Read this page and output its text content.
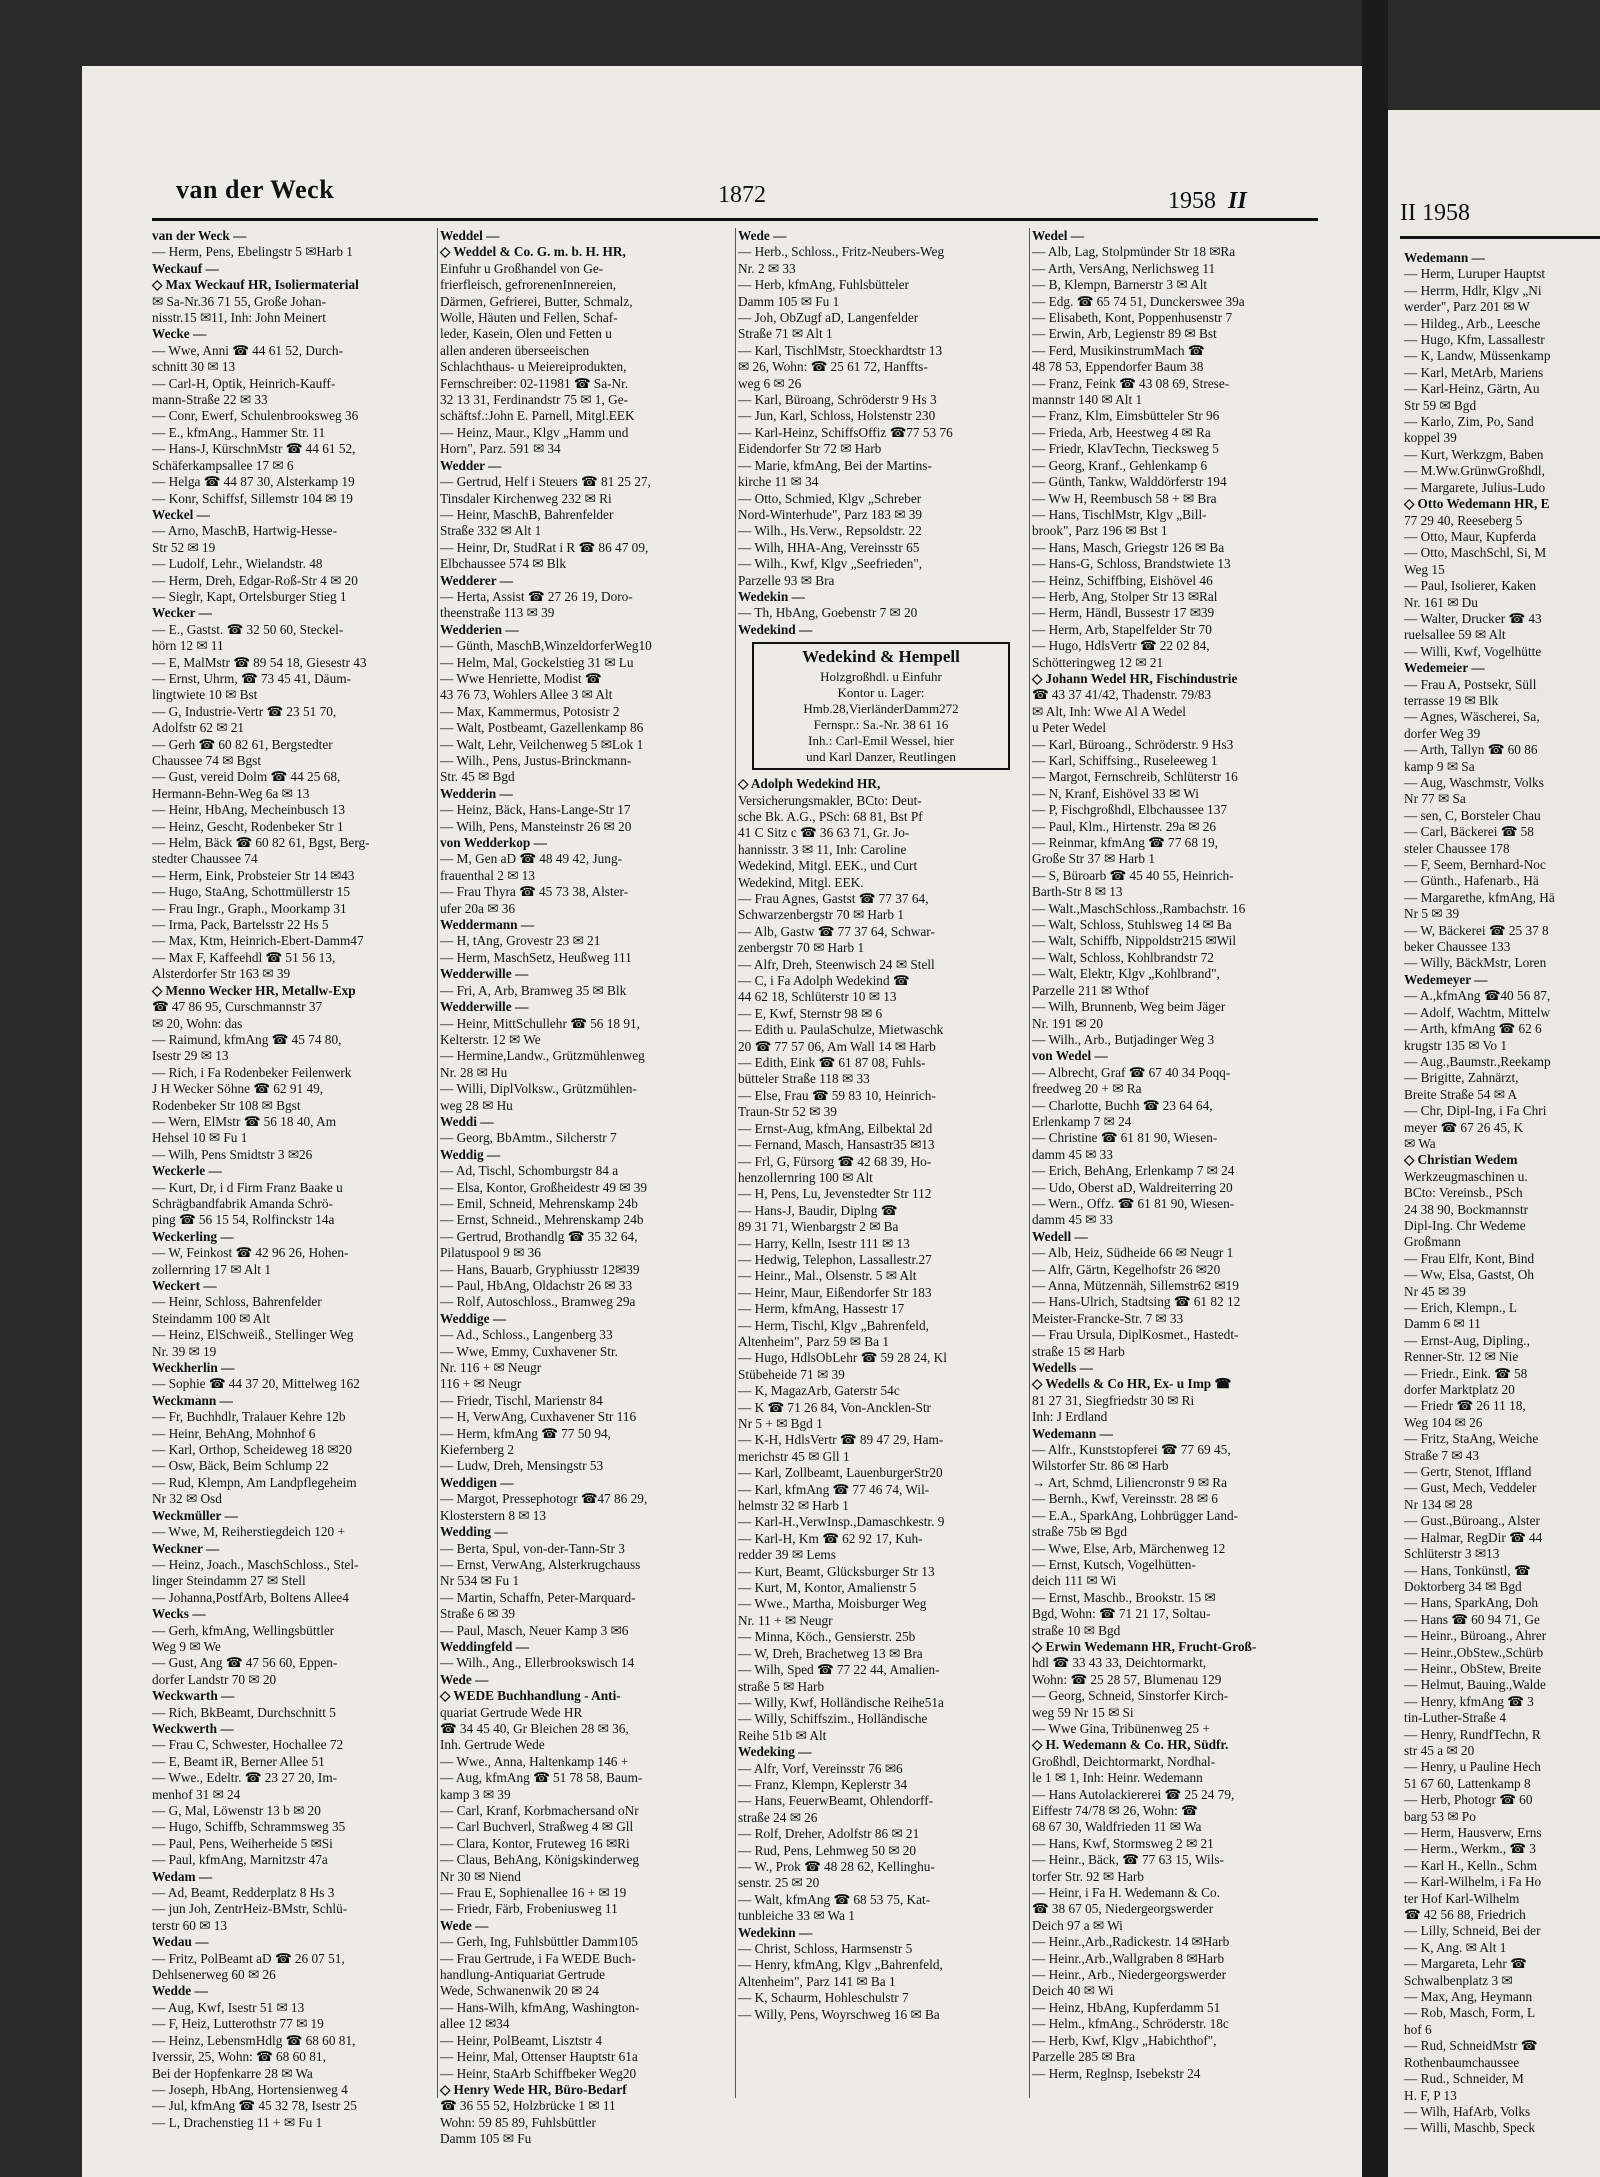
van der Weck	1872	1958 II	II 1958
van der Weck —
— Herm, Pens, Ebelingstr 5 ✉Harb 1
Weckauf —
◇ Max Weckauf HR, Isoliermaterial
✉ Sa-Nr.36 71 55, Große Johan-
nisstr.15 ✉11, Inh: John Meinert
Wecke —
— Wwe, Anni ☎ 44 61 52, Durch-
schnitt 30 ✉ 13
— Carl-H, Optik, Heinrich-Kauff-
mann-Straße 22 ✉ 33
— Conr, Ewerf, Schulenbrooksweg 36
— E., kfmAng., Hammer Str. 11
— Hans-J, KürschnMstr ☎ 44 61 52,
Schäferkampsallee 17 ✉ 6
— Helga ☎ 44 87 30, Alsterkamp 19
— Konr, Schiffsf, Sillemstr 104 ✉ 19
Weckel —
— Arno, MaschB, Hartwig-Hesse-
Str 52 ✉ 19
— Ludolf, Lehr., Wielandstr. 48
— Herm, Dreh, Edgar-Roß-Str 4 ✉ 20
— Sieglr, Kapt, Ortelsburger Stieg 1
Wecker —
— E., Gastst. ☎ 32 50 60, Steckel-
hörn 12 ✉ 11
— E, MalMstr ☎ 89 54 18, Giesestr 43
— Ernst, Uhrm, ☎ 73 45 41, Däum-
lingtwiete 10 ✉ Bst
— G, Industrie-Vertr ☎ 23 51 70,
Adolfstr 62 ✉ 21
— Gerh ☎ 60 82 61, Bergstedter
Chaussee 74 ✉ Bgst
— Gust, vereid Dolm ☎ 44 25 68,
Hermann-Behn-Weg 6a ✉ 13
— Heinr, HbAng, Mecheinbusch 13
— Heinz, Gescht, Rodenbeker Str 1
— Helm, Bäck ☎ 60 82 61, Bgst, Berg-
stedter Chaussee 74
— Herm, Eink, Probsteier Str 14 ✉43
— Hugo, StaAng, Schottmüllerstr 15
— Frau Ingr., Graph., Moorkamp 31
— Irma, Pack, Bartelsstr 22 Hs 5
— Max, Ktm, Heinrich-Ebert-Damm47
— Max F, Kaffeehdl ☎ 51 56 13,
Alsterdorfer Str 163 ✉ 39
◇ Menno Wecker HR, Metallw-Exp
☎ 47 86 95, Curschmannstr 37
✉ 20, Wohn: das
— Raimund, kfmAng ☎ 45 74 80,
Isestr 29 ✉ 13
— Rich, i Fa Rodenbeker Feilenwerk
J H Wecker Söhne ☎ 62 91 49,
Rodenbeker Str 108 ✉ Bgst
— Wern, ElMstr ☎ 56 18 40, Am
Hehsel 10 ✉ Fu 1
— Wilh, Pens Smidtstr 3 ✉26
Weckerle —
— Kurt, Dr, i d Firm Franz Baake u
Schrägbandfabrik Amanda Schrö-
ping ☎ 56 15 54, Rolfinckstr 14a
Weckerling —
— W, Feinkost ☎ 42 96 26, Hohen-
zollernring 17 ✉ Alt 1
Weckert —
— Heinr, Schloss, Bahrenfelder
Steindamm 100 ✉ Alt
— Heinz, ElSchweiß., Stellinger Weg
Nr. 39 ✉ 19
Weckherlin —
— Sophie ☎ 44 37 20, Mittelweg 162
Weckmann —
— Fr, Buchhdlr, Tralauer Kehre 12b
— Heinr, BehAng, Mohnhof 6
— Karl, Orthop, Scheideweg 18 ✉20
— Osw, Bäck, Beim Schlump 22
— Rud, Klempn, Am Landpflegeheim
Nr 32 ✉ Osd
Weckmüller —
— Wwe, M, Reiherstiegdeich 120 +
Weckner —
— Heinz, Joach., MaschSchloss., Stel-
linger Steindamm 27 ✉ Stell
— Johanna,PostfArb, Boltens Allee4
Wecks —
— Gerh, kfmAng, Wellingsbüttler
Weg 9 ✉ We
— Gust, Ang ☎ 47 56 60, Eppen-
dorfer Landstr 70 ✉ 20
Weckwarth —
— Rich, BkBeamt, Durchschnitt 5
Weckwerth —
— Frau C, Schwester, Hochallee 72
— E, Beamt iR, Berner Allee 51
— Wwe., Edeltr. ☎ 23 27 20, Im-
menhof 31 ✉ 24
— G, Mal, Löwenstr 13 b ✉ 20
— Hugo, Schiffb, Schrammsweg 35
— Paul, Pens, Weiherheide 5 ✉Si
— Paul, kfmAng, Marnitzstr 47a
Wedam —
— Ad, Beamt, Redderplatz 8 Hs 3
— jun Joh, ZentrHeiz-BMstr, Schlü-
terstr 60 ✉ 13
Wedau —
— Fritz, PolBeamt aD ☎ 26 07 51,
Dehlsenerweg 60 ✉ 26
Wedde —
— Aug, Kwf, Isestr 51 ✉ 13
— F, Heiz, Lutterothstr 77 ✉ 19
— Heinz, LebensmHdlg ☎ 68 60 81,
Iverssir, 25, Wohn: ☎ 68 60 81,
Bei der Hopfenkarre 28 ✉ Wa
— Joseph, HbAng, Hortensienweg 4
— Jul, kfmAng ☎ 45 32 78, Isestr 25
— L, Drachenstieg 11 + ✉ Fu 1
Weddel —
◇ Weddel & Co. G. m. b. H. HR,
Einfuhr u Großhandel von Ge-
frierfleisch, gefrorenenInnereien,
Därmen, Gefrierei, Butter, Schmalz,
Wolle, Häuten und Fellen, Schaf-
leder, Kasein, Olen und Fetten u
allen anderen überseeischen
Schlachthaus- u Meiereiprodukten,
Fernschreiber: 02-11981 ☎ Sa-Nr.
32 13 31, Ferdinandstr 75 ✉ 1, Ge-
schäftsf.:John E. Parnell, Mitgl.EEK
— Heinz, Maur., Klgv „Hamm und
Horn", Parz. 591 ✉ 34
Wedder —
— Gertrud, Helf i Steuers ☎ 81 25 27,
Tinsdaler Kirchenweg 232 ✉ Ri
— Heinr, MaschB, Bahrenfelder
Straße 332 ✉ Alt 1
— Heinr, Dr, StudRat i R ☎ 86 47 09,
Elbchaussee 574 ✉ Blk
Wedderer —
— Herta, Assist ☎ 27 26 19, Doro-
theenstraße 113 ✉ 39
Wedderien —
— Günth, MaschB,WinzeldorferWeg10
— Helm, Mal, Gockelstieg 31 ✉ Lu
— Wwe Henriette, Modist ☎
43 76 73, Wohlers Allee 3 ✉ Alt
— Max, Kammermus, Potosistr 2
— Walt, Postbeamt, Gazellenkamp 86
— Walt, Lehr, Veilchenweg 5 ✉Lok 1
— Wilh., Pens, Justus-Brinckmann-
Str. 45 ✉ Bgd
Wedderin —
— Heinz, Bäck, Hans-Lange-Str 17
— Wilh, Pens, Mansteinstr 26 ✉ 20
von Wedderkop —
— M, Gen aD ☎ 48 49 42, Jung-
frauenthal 2 ✉ 13
— Frau Thyra ☎ 45 73 38, Alster-
ufer 20a ✉ 36
Weddermann —
— H, tAng, Grovestr 23 ✉ 21
— Herm, MaschSetz, Heußweg 111
Wedderwille —
— Fri, A, Arb, Bramweg 35 ✉ Blk
Wedderwille —
— Heinr, MittSchullehr ☎ 56 18 91,
Kelterstr. 12 ✉ We
— Hermine,Landw., Grützmühlenweg
Nr. 28 ✉ Hu
— Willi, DiplVolksw., Grützmühlen-
weg 28 ✉ Hu
Weddi —
— Georg, BbAmtm., Silcherstr 7
Weddig —
— Ad, Tischl, Schomburgstr 84 a
— Elsa, Kontor, Großheidestr 49 ✉ 39
— Emil, Schneid, Mehrenskamp 24b
— Ernst, Schneid., Mehrenskamp 24b
— Gertrud, Brothandlg ☎ 35 32 64,
Pilatuspool 9 ✉ 36
— Hans, Bauarb, Gryphiusstr 12✉39
— Paul, HbAng, Oldachstr 26 ✉ 33
— Rolf, Autoschloss., Bramweg 29a
Weddige —
— Ad., Schloss., Langenberg 33
— Wwe, Emmy, Cuxhavener Str.
Nr. 116 + ✉ Neugr
116 + ✉ Neugr
— Friedr, Tischl, Marienstr 84
— H, VerwAng, Cuxhavener Str 116
— Herm, kfmAng ☎ 77 50 94,
Kiefernberg 2
— Ludw, Dreh, Mensingstr 53
Weddigen —
— Margot, Pressephotogr ☎47 86 29,
Klosterstern 8 ✉ 13
Wedding —
— Berta, Spul, von-der-Tann-Str 3
— Ernst, VerwAng, Alsterkrugchauss
Nr 534 ✉ Fu 1
— Martin, Schaffn, Peter-Marquard-
Straße 6 ✉ 39
— Paul, Masch, Neuer Kamp 3 ✉6
Weddingfeld —
— Wilh., Ang., Ellerbrookswisch 14
Wede —
◇ WEDE Buchhandlung - Anti-
quariat Gertrude Wede HR
☎ 34 45 40, Gr Bleichen 28 ✉ 36,
Inh. Gertrude Wede
— Wwe., Anna, Haltenkamp 146 +
— Aug, kfmAng ☎ 51 78 58, Baum-
kamp 3 ✉ 39
— Carl, Kranf, Korbmachersand oNr
— Carl Buchverl, Straßweg 4 ✉ Gll
— Clara, Kontor, Fruteweg 16 ✉Ri
— Claus, BehAng, Königskinderweg
Nr 30 ✉ Niend
— Frau E, Sophienallee 16 + ✉ 19
— Friedr, Färb, Frobeniusweg 11
Wede —
— Gerh, Ing, Fuhlsbüttler Damm105
— Frau Gertrude, i Fa WEDE Buch-
handlung-Antiquariat Gertrude
Wede, Schwanenwik 20 ✉ 24
— Hans-Wilh, kfmAng, Washington-
allee 12 ✉34
— Heinr, PolBeamt, Lisztstr 4
— Heinr, Mal, Ottenser Hauptstr 61a
— Heinr, StaArb Schiffbeker Weg20
◇ Henry Wede HR, Büro-Bedarf
☎ 36 55 52, Holzbrücke 1 ✉ 11
Wohn: 59 85 89, Fuhlsbüttler
Damm 105 ✉ Fu
Wede —
— Herb., Schloss., Fritz-Neubers-Weg
Nr. 2 ✉ 33
— Herb, kfmAng, Fuhlsbütteler
Damm 105 ✉ Fu 1
— Joh, ObZugf aD, Langenfelder
Straße 71 ✉ Alt 1
— Karl, TischlMstr, Stoeckhardtstr 13
✉ 26, Wohn: ☎ 25 61 72, Hanffts-
weg 6 ✉ 26
— Karl, Büroang, Schröderstr 9 Hs 3
— Jun, Karl, Schloss, Holstenstr 230
— Karl-Heinz, SchiffsOffiz ☎77 53 76
Eidendorfer Str 72 ✉ Harb
— Marie, kfmAng, Bei der Martins-
kirche 11 ✉ 34
— Otto, Schmied, Klgv „Schreber
Nord-Winterhude", Parz 183 ✉ 39
— Wilh., Hs.Verw., Repsoldstr. 22
— Wilh, HHA-Ang, Vereinsstr 65
— Wilh., Kwf, Klgv „Seefrieden",
Parzelle 93 ✉ Bra
Wedekin —
— Th, HbAng, Goebenstr 7 ✉ 20
Wedekind —
Wedekind & Hempell
Holzgroßhdl. u Einfuhr
Kontor u. Lager:
Hmb.28,VierländerDamm272
Fernspr.: Sa.-Nr. 38 61 16
Inh.: Carl-Emil Wessel, hier
und Karl Danzer, Reutlingen
◇ Adolph Wedekind HR,
Versicherungsmakler, BCto: Deut-
sche Bk. A.G., PSch: 68 81, Bst Pf
41 C Sitz c ☎ 36 63 71, Gr. Jo-
hannisstr. 3 ✉ 11, Inh: Caroline
Wedekind, Mitgl. EEK., und Curt
Wedekind, Mitgl. EEK.
— Frau Agnes, Gastst ☎ 77 37 64,
Schwarzenbergstr 70 ✉ Harb 1
— Alb, Gastw ☎ 77 37 64, Schwar-
zenbergstr 70 ✉ Harb 1
— Alfr, Dreh, Steenwisch 24 ✉ Stell
— C, i Fa Adolph Wedekind ☎
44 62 18, Schlüterstr 10 ✉ 13
— E, Kwf, Sternstr 98 ✉ 6
— Edith u. PaulaSchulze, Mietwaschk
20 ☎ 77 57 06, Am Wall 14 ✉ Harb
— Edith, Eink ☎ 61 87 08, Fuhls-
bütteler Straße 118 ✉ 33
— Else, Frau ☎ 59 83 10, Heinrich-
Traun-Str 52 ✉ 39
— Ernst-Aug, kfmAng, Eilbektal 2d
— Fernand, Masch, Hansastr35 ✉13
— Frl, G, Fürsorg ☎ 42 68 39, Ho-
henzollernring 100 ✉ Alt
— H, Pens, Lu, Jevenstedter Str 112
— Hans-J, Baudir, Diplng ☎
89 31 71, Wienbargstr 2 ✉ Ba
— Harry, Kelln, Isestr 111 ✉ 13
— Hedwig, Telephon, Lassallestr.27
— Heinr., Mal., Olsenstr. 5 ✉ Alt
— Heinr, Maur, Eißendorfer Str 183
— Herm, kfmAng, Hassestr 17
— Herm, Tischl, Klgv „Bahrenfeld,
Altenheim", Parz 59 ✉ Ba 1
— Hugo, HdlsObLehr ☎ 59 28 24, Kl
Stübeheide 71 ✉ 39
— K, MagazArb, Gaterstr 54c
— K ☎ 71 26 84, Von-Ancklen-Str
Nr 5 + ✉ Bgd 1
— K-H, HdlsVertr ☎ 89 47 29, Ham-
merichstr 45 ✉ Gll 1
— Karl, Zollbeamt, LauenburgerStr20
— Karl, kfmAng ☎ 77 46 74, Wil-
helmstr 32 ✉ Harb 1
— Karl-H.,VerwInsp.,Damaschkestr. 9
— Karl-H, Km ☎ 62 92 17, Kuh-
redder 39 ✉ Lems
— Kurt, Beamt, Glücksburger Str 13
— Kurt, M, Kontor, Amalienstr 5
— Wwe., Martha, Moisburger Weg
Nr. 11 + ✉ Neugr
— Minna, Köch., Gensierstr. 25b
— W, Dreh, Brachetweg 13 ✉ Bra
— Wilh, Sped ☎ 77 22 44, Amalien-
straße 5 ✉ Harb
— Willy, Kwf, Holländische Reihe51a
— Willy, Schiffszim., Holländische
Reihe 51b ✉ Alt
Wedeking —
— Alfr, Vorf, Vereinsstr 76 ✉6
— Franz, Klempn, Keplerstr 34
— Hans, FeuerwBeamt, Ohlendorff-
straße 24 ✉ 26
— Rolf, Dreher, Adolfstr 86 ✉ 21
— Rud, Pens, Lehmweg 50 ✉ 20
— W., Prok ☎ 48 28 62, Kellinghu-
senstr. 25 ✉ 20
— Walt, kfmAng ☎ 68 53 75, Kat-
tunbleiche 33 ✉ Wa 1
Wedekinn —
— Christ, Schloss, Harmsenstr 5
— Henry, kfmAng, Klgv „Bahrenfeld,
Altenheim", Parz 141 ✉ Ba 1
— K, Schaurm, Hohleschulstr 7
— Willy, Pens, Woyrschweg 16 ✉ Ba
Wedel —
— Alb, Lag, Stolpmünder Str 18 ✉Ra
— Arth, VersAng, Nerlichsweg 11
— B, Klempn, Barnerstr 3 ✉ Alt
— Edg. ☎ 65 74 51, Dunckerswee 39a
— Elisabeth, Kont, Poppenhusenstr 7
— Erwin, Arb, Legienstr 89 ✉ Bst
— Ferd, MusikinstrumMach ☎
48 78 53, Eppendorfer Baum 38
— Franz, Feink ☎ 43 08 69, Strese-
mannstr 140 ✉ Alt 1
— Franz, Klm, Eimsbütteler Str 96
— Frieda, Arb, Heestweg 4 ✉ Ra
— Friedr, KlavTechn, Tiecksweg 5
— Georg, Kranf., Gehlenkamp 6
— Günth, Tankw, Walddörferstr 194
— Ww H, Reembusch 58 + ✉ Bra
— Hans, TischlMstr, Klgv „Bill-
brook", Parz 196 ✉ Bst 1
— Hans, Masch, Griegstr 126 ✉ Ba
— Hans-G, Schloss, Brandstwiete 13
— Heinz, Schiffbing, Eishövel 46
— Herb, Ang, Stolper Str 13 ✉Ral
— Herm, Händl, Bussestr 17 ✉39
— Herm, Arb, Stapelfelder Str 70
— Hugo, HdlsVertr ☎ 22 02 84,
Schötteringweg 12 ✉ 21
◇ Johann Wedel HR, Fischindustrie
☎ 43 37 41/42, Thadenstr. 79/83
✉ Alt, Inh: Wwe Al A Wedel
u Peter Wedel
— Karl, Büroang., Schröderstr. 9 Hs3
— Karl, Schiffsing., Ruseleeweg 1
— Margot, Fernschreib, Schlüterstr 16
— N, Kranf, Eishövel 33 ✉ Wi
— P, Fischgroßhdl, Elbchaussee 137
— Paul, Klm., Hirtenstr. 29a ✉ 26
— Reinmar, kfmAng ☎ 77 68 19,
Große Str 37 ✉ Harb 1
— S, Büroarb ☎ 45 40 55, Heinrich-
Barth-Str 8 ✉ 13
— Walt.,MaschSchloss.,Rambachstr. 16
— Walt, Schloss, Stuhlsweg 14 ✉ Ba
— Walt, Schiffb, Nippoldstr215 ✉Wil
— Walt, Schloss, Kohlbrandstr 72
— Walt, Elektr, Klgv „Kohlbrand",
Parzelle 211 ✉ Wthof
— Wilh, Brunnenb, Weg beim Jäger
Nr. 191 ✉ 20
— Wilh., Arb., Butjadinger Weg 3
von Wedel —
— Albrecht, Graf ☎ 67 40 34 Poqq-
freedweg 20 + ✉ Ra
— Charlotte, Buchh ☎ 23 64 64,
Erlenkamp 7 ✉ 24
— Christine ☎ 61 81 90, Wiesen-
damm 45 ✉ 33
— Erich, BehAng, Erlenkamp 7 ✉ 24
— Udo, Oberst aD, Waldreiterring 20
— Wern., Offz. ☎ 61 81 90, Wiesen-
damm 45 ✉ 33
Wedell —
— Alb, Heiz, Südheide 66 ✉ Neugr 1
— Alfr, Gärtn, Kegelhofstr 26 ✉20
— Anna, Mützennäh, Sillemstr62 ✉19
— Hans-Ulrich, Stadtsing ☎ 61 82 12
Meister-Francke-Str. 7 ✉ 33
— Frau Ursula, DiplKosmet., Hastedt-
straße 15 ✉ Harb
Wedells —
◇ Wedells & Co HR, Ex- u Imp ☎
81 27 31, Siegfriedstr 30 ✉ Ri
Inh: J Erdland
Wedemann —
— Alfr., Kunststopferei ☎ 77 69 45,
Wilstorfer Str. 86 ✉ Harb
→ Art, Schmd, Liliencronstr 9 ✉ Ra
— Bernh., Kwf, Vereinsstr. 28 ✉ 6
— E.A., SparkAng, Lohbrügger Land-
straße 75b ✉ Bgd
— Wwe, Else, Arb, Märchenweg 12
— Ernst, Kutsch, Vogelhütten-
deich 111 ✉ Wi
— Ernst, Maschb., Brookstr. 15 ✉
Bgd, Wohn: ☎ 71 21 17, Soltau-
straße 10 ✉ Bgd
◇ Erwin Wedemann HR, Frucht-Groß-
hdl ☎ 33 43 33, Deichtormarkt,
Wohn: ☎ 25 28 57, Blumenau 129
— Georg, Schneid, Sinstorfer Kirch-
weg 59 Nr 15 ✉ Si
— Wwe Gina, Tribünenweg 25 +
◇ H. Wedemann & Co. HR, Südfr.
Großhdl, Deichtormarkt, Nordhal-
le 1 ✉ 1, Inh: Heinr. Wedemann
— Hans Autolackiererei ☎ 25 24 79,
Eiffestr 74/78 ✉ 26, Wohn: ☎
68 67 30, Waldfrieden 11 ✉ Wa
— Hans, Kwf, Stormsweg 2 ✉ 21
— Heinr., Bäck, ☎ 77 63 15, Wils-
torfer Str. 92 ✉ Harb
— Heinr, i Fa H. Wedemann & Co.
☎ 38 67 05, Niedergeorgswerder
Deich 97 a ✉ Wi
— Heinr.,Arb.,Radickestr. 14 ✉Harb
— Heinr.,Arb.,Wallgraben 8 ✉Harb
— Heinr., Arb., Niedergeorgswerder
Deich 40 ✉ Wi
— Heinz, HbAng, Kupferdamm 51
— Helm., kfmAng., Schröderstr. 18c
— Herb, Kwf, Klgv „Habichthof",
Parzelle 285 ✉ Bra
— Herm, Reglnsp, Isebekstr 24
Wedemann —
— Herm, Luruper Hauptst
— Herrm, Hdlr, Klgv „Ni
werder", Parz 201 ✉ W
— Hildeg., Arb., Leesche
— Hugo, Kfm, Lassallestr
— K, Landw, Müssenkamp
— Karl, MetArb, Mariens
— Karl-Heinz, Gärtn, Au
Str 59 ✉ Bgd
— Karlo, Zim, Po, Sand
koppel 39
— Kurt, Werkzgm, Baben
— M.Ww.GrünwGroßhdl,
— Margarete, Julius-Ludo
◇ Otto Wedemann HR, E
77 29 40, Reeseberg 5
— Otto, Maur, Kupferda
— Otto, MaschSchl, Si, M
Weg 15
— Paul, Isolierer, Kaken
Nr. 161 ✉ Du
— Walter, Drucker ☎ 43
ruelsallee 59 ✉ Alt
— Willi, Kwf, Vogelhütte
Wedemeier —
— Frau A, Postsekr, Süll
terrasse 19 ✉ Blk
— Agnes, Wäscherei, Sa,
dorfer Weg 39
— Arth, Tallyn ☎ 60 86
kamp 9 ✉ Sa
— Aug, Waschmstr, Volks
Nr 77 ✉ Sa
— sen, C, Borsteler Chau
— Carl, Bäckerei ☎ 58
steler Chaussee 178
— F, Seem, Bernhard-Noc
— Günth., Hafenarb., Hä
— Margarethe, kfmAng, Hä
Nr 5 ✉ 39
— W, Bäckerei ☎ 25 37 8
beker Chaussee 133
— Willy, BäckMstr, Loren
Wedemeyer —
— A.,kfmAng ☎40 56 87,
— Adolf, Wachtm, Mittelw
— Arth, kfmAng ☎ 62 6
krugstr 135 ✉ Vo 1
— Aug.,Baumstr.,Reekamp
— Brigitte, Zahnärzt,
Breite Straße 54 ✉ A
— Chr, Dipl-Ing, i Fa Chri
meyer ☎ 67 26 45, K
✉ Wa
◇ Christian Wedem
Werkzeugmaschinen u.
BCto: Vereinsb., PSch
24 38 90, Bockmannstr
Dipl-Ing. Chr Wedeme
Großmann
— Frau Elfr, Kont, Bind
— Ww, Elsa, Gastst, Oh
Nr 45 ✉ 39
— Erich, Klempn., L
Damm 6 ✉ 11
— Ernst-Aug, Dipling.,
Renner-Str. 12 ✉ Nie
— Friedr., Eink. ☎ 58
dorfer Marktplatz 20
— Friedr ☎ 26 11 18,
Weg 104 ✉ 26
— Fritz, StaAng, Weiche
Straße 7 ✉ 43
— Gertr, Stenot, Iffland
— Gust, Mech, Veddeler
Nr 134 ✉ 28
— Gust.,Büroang., Alster
— Halmar, RegDir ☎ 44
Schlüterstr 3 ✉13
— Hans, Tonkünstl, ☎
Doktorberg 34 ✉ Bgd
— Hans, SparkAng, Doh
— Hans ☎ 60 94 71, Ge
— Heinr., Büroang., Ahrer
— Heinr.,ObStew.,Schürb
— Heinr., ObStew, Breite
— Helmut, Bauing.,Walde
— Henry, kfmAng ☎ 3
tin-Luther-Straße 4
— Henry, RundfTechn, R
str 45 a ✉ 20
— Henry, u Pauline Hech
51 67 60, Lattenkamp 8
— Herb, Photogr ☎ 60
barg 53 ✉ Po
— Herm, Hausverw, Erns
— Herm., Werkm., ☎ 3
— Karl H., Kelln., Schm
— Karl-Wilhelm, i Fa Ho
ter Hof Karl-Wilhelm
☎ 42 56 88, Friedrich
— Lilly, Schneid, Bei der
— K, Ang. ✉ Alt 1
— Margareta, Lehr ☎
Schwalbenplatz 3 ✉
— Max, Ang, Heymann
— Rob, Masch, Form, L
hof 6
— Rud, SchneidMstr ☎
Rothenbaumchaussee
— Rud., Schneider, M
H. F, P 13
— Wilh, HafArb, Volks
— Willi, Maschb, Speck
